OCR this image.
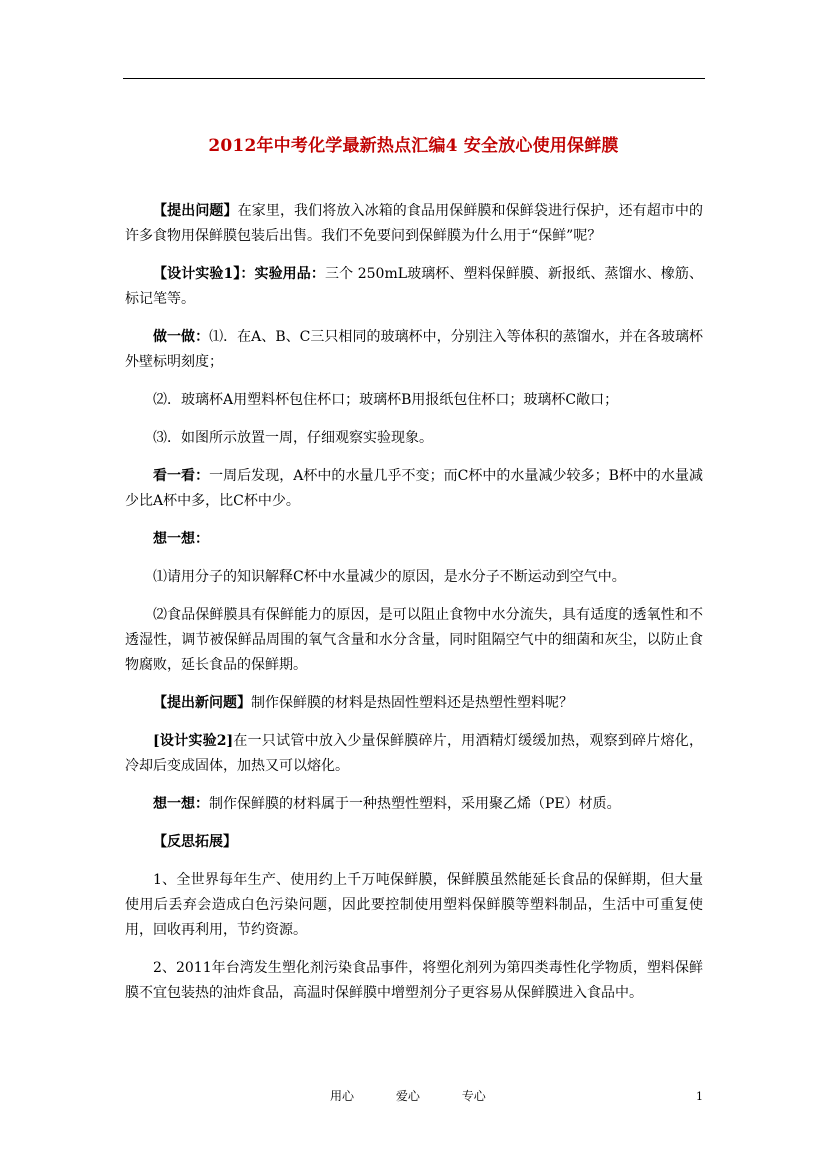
2012年中考化学最新热点汇编4 安全放心使用保鲜膜

【提出问题】在家里，我们将放入冰箱的食品用保鲜膜和保鲜袋进行保护，还有超市中的许多食物用保鲜膜包装后出售。我们不免要问到保鲜膜为什么用于“保鲜”呢？

【设计实验1】：实验用品：三个 250mL玻璃杯、塑料保鲜膜、新报纸、蒸馏水、橡筋、标记笔等。

做一做：⑴．在A、B、C三只相同的玻璃杯中，分别注入等体积的蒸馏水，并在各玻璃杯外壁标明刻度；

⑵．玻璃杯A用塑料杯包住杯口；玻璃杯B用报纸包住杯口；玻璃杯C敞口；

⑶．如图所示放置一周，仔细观察实验现象。

看一看：一周后发现，A杯中的水量几乎不变；而C杯中的水量减少较多；B杯中的水量减少比A杯中多，比C杯中少。

想一想：

⑴请用分子的知识解释C杯中水量减少的原因，是水分子不断运动到空气中。

⑵食品保鲜膜具有保鲜能力的原因，是可以阻止食物中水分流失，具有适度的透氧性和不透湿性，调节被保鲜品周围的氧气含量和水分含量，同时阻隔空气中的细菌和灰尘，以防止食物腐败，延长食品的保鲜期。

【提出新问题】制作保鲜膜的材料是热固性塑料还是热塑性塑料呢？

[设计实验2]在一只试管中放入少量保鲜膜碎片，用酒精灯缓缓加热，观察到碎片熔化，冷却后变成固体，加热又可以熔化。

想一想：制作保鲜膜的材料属于一种热塑性塑料，采用聚乙烯（PE）材质。

【反思拓展】

1、全世界每年生产、使用约上千万吨保鲜膜，保鲜膜虽然能延长食品的保鲜期，但大量使用后丢弃会造成白色污染问题，因此要控制使用塑料保鲜膜等塑料制品，生活中可重复使用，回收再利用，节约资源。

2、2011年台湾发生塑化剂污染食品事件，将塑化剂列为第四类毒性化学物质，塑料保鲜膜不宜包装热的油炸食品，高温时保鲜膜中增塑剂分子更容易从保鲜膜进入食品中。

用心	爱心	专心	1
